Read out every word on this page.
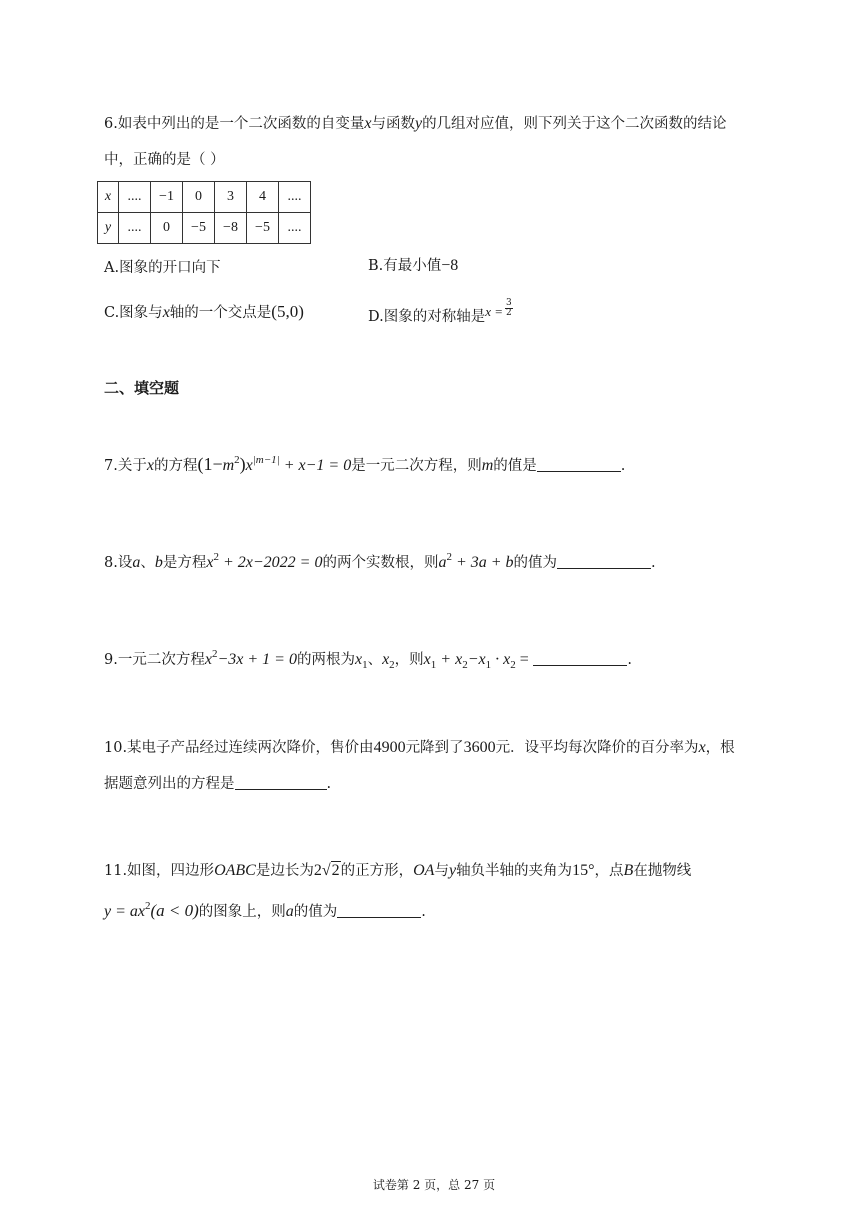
6.如表中列出的是一个二次函数的自变量x与函数y的几组对应值，则下列关于这个二次函数的结论
中，正确的是（ ）
x	....	−1	0	3	4	....
y	....	0	−5	−8	−5	....
A.图象的开口向下	B.有最小值−8
C.图象与x轴的一个交点是(5,0)	D.图象的对称轴是$x = \frac{3}{2}$
二、填空题
7.关于x的方程$(1-m^2)x^{|m-1|} + x-1 = 0$是一元二次方程，则m的值是	.
8.设a、b是方程$x^2 + 2x-2022 = 0$的两个实数根，则$a^2 + 3a + b$的值为	.
9.一元二次方程$x^2-3x + 1 = 0$的两根为$x_1$、$x_2$，则$x_1 + x_2-x_1 \cdot x_2$ =	.
10.某电子产品经过连续两次降价，售价由4900元降到了3600元．设平均每次降价的百分率为x，根
据题意列出的方程是	.
11.如图，四边形OABC是边长为2√2的正方形，OA与y轴负半轴的夹角为15°，点B在抛物线
$y = ax^2(a < 0)$的图象上，则a的值为	.
试卷第 2 页，总 27 页
